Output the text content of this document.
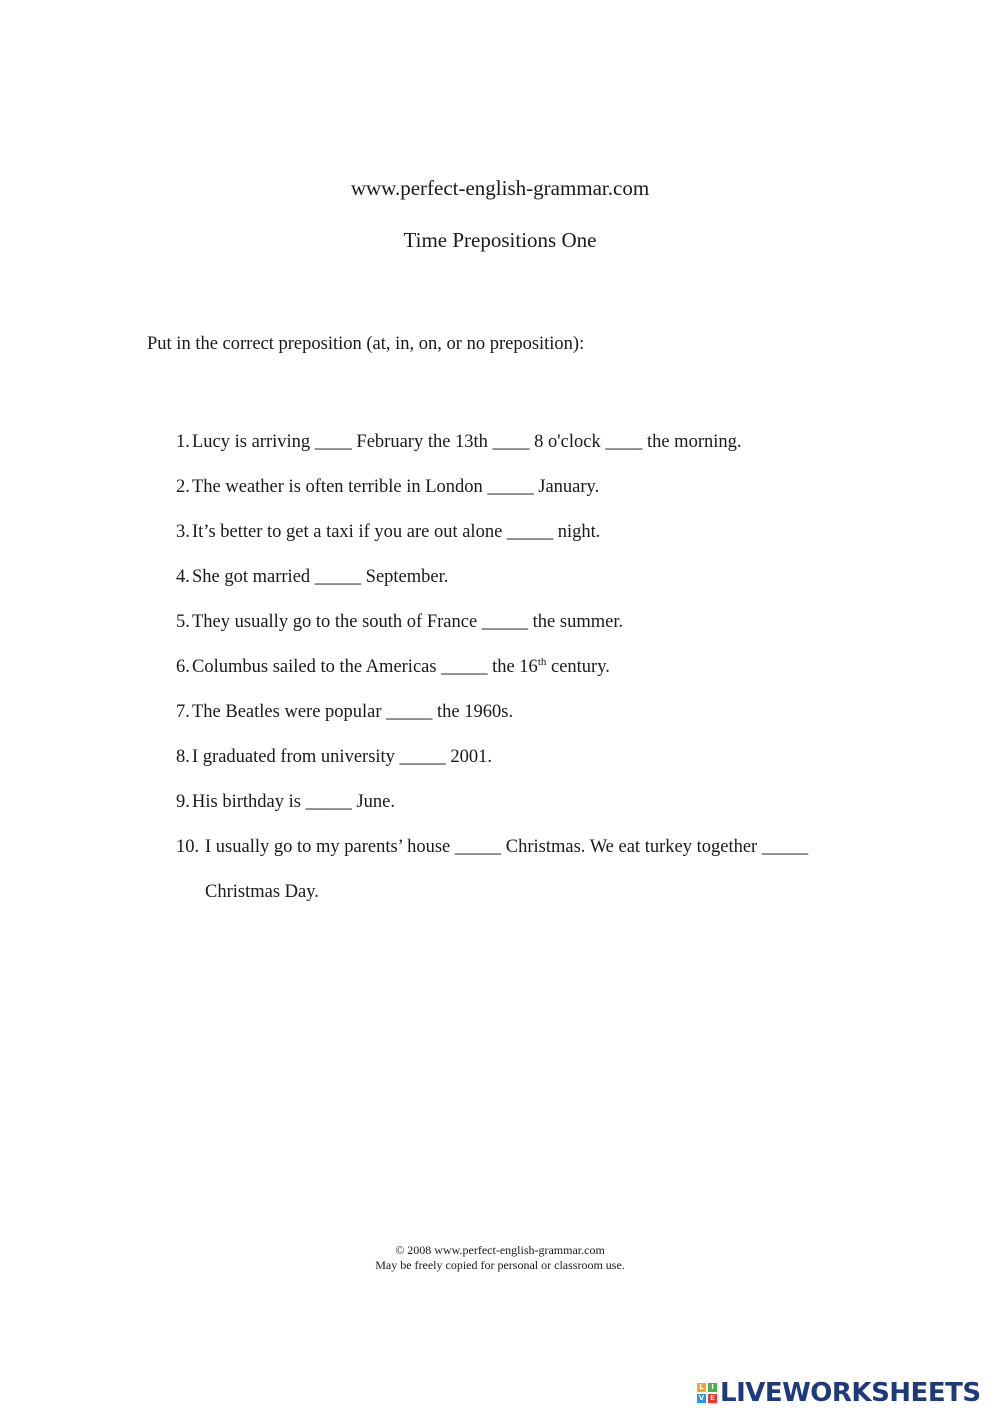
www.perfect-english-grammar.com
Time Prepositions One
Put in the correct preposition (at, in, on, or no preposition):
1. Lucy is arriving ____ February the 13th ____ 8 o'clock ____ the morning.
2. The weather is often terrible in London _____ January.
3. It’s better to get a taxi if you are out alone _____ night.
4. She got married _____ September.
5. They usually go to the south of France _____ the summer.
6. Columbus sailed to the Americas _____ the 16th century.
7. The Beatles were popular _____ the 1960s.
8. I graduated from university _____ 2001.
9. His birthday is _____ June.
10. I usually go to my parents’ house _____ Christmas. We eat turkey together _____
Christmas Day.
© 2008 www.perfect-english-grammar.com
May be freely copied for personal or classroom use.
L	I
V E LIVEWORKSHEETS
